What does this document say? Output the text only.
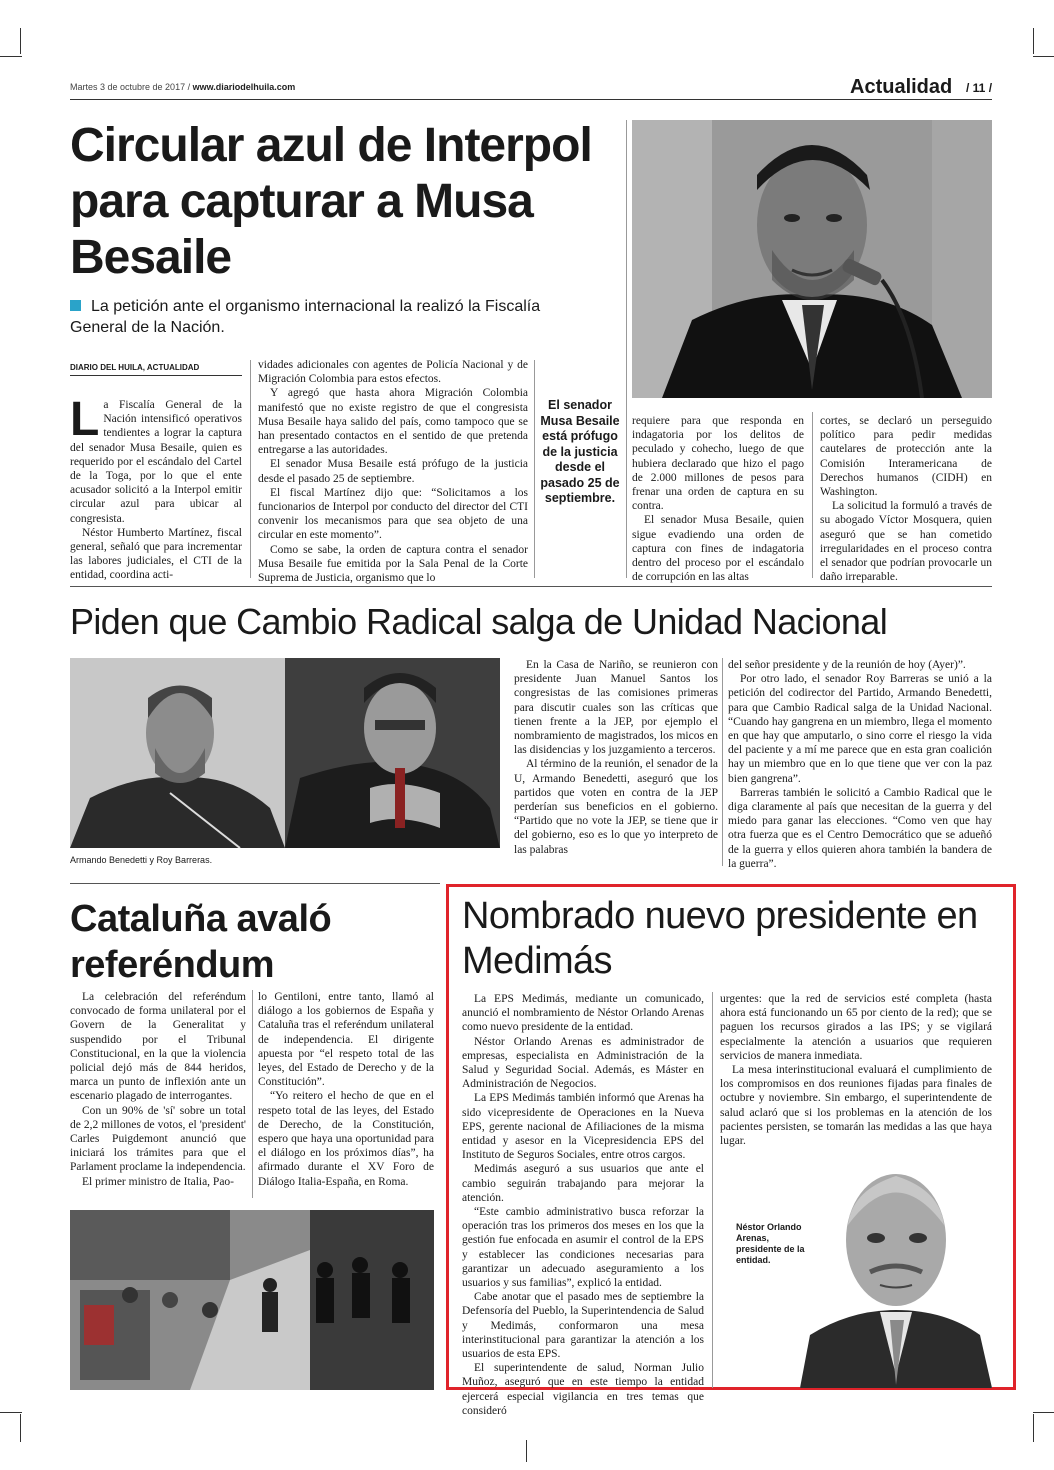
Martes 3 de octubre de 2017 / www.diariodelhuila.com	Actualidad / 11 /
Circular azul de Interpol para capturar a Musa Besaile
La petición ante el organismo internacional la realizó la Fiscalía General de la Nación.
DIARIO DEL HUILA, ACTUALIDAD

La Fiscalía General de la Nación intensificó operativos tendientes a lograr la captura del senador Musa Besaile, quien es requerido por el escándalo del Cartel de la Toga, por lo que el ente acusador solicitó a la Interpol emitir circular azul para ubicar al congresista.

Néstor Humberto Martínez, fiscal general, señaló que para incrementar las labores judiciales, el CTI de la entidad, coordina acti-

vidades adicionales con agentes de Policía Nacional y de Migración Colombia para estos efectos.

Y agregó que hasta ahora Migración Colombia manifestó que no existe registro de que el congresista Musa Besaile haya salido del país, como tampoco que se han presentado contactos en el sentido de que pretenda entregarse a las autoridades.

El senador Musa Besaile está prófugo de la justicia desde el pasado 25 de septiembre.

El fiscal Martínez dijo que: “Solicitamos a los funcionarios de Interpol por conducto del director del CTI convenir los mecanismos para que sea objeto de una circular en este momento”.

Como se sabe, la orden de captura contra el senador Musa Besaile fue emitida por la Sala Penal de la Corte Suprema de Justicia, organismo que lo

El senador Musa Besaile está prófugo de la justicia desde el pasado 25 de septiembre.

requiere para que responda en indagatoria por los delitos de peculado y cohecho, luego de que hubiera declarado que hizo el pago de 2.000 millones de pesos para frenar una orden de captura en su contra.

El senador Musa Besaile, quien sigue evadiendo una orden de captura con fines de indagatoria dentro del proceso por el escándalo de corrupción en las altas

cortes, se declaró un perseguido político para pedir medidas cautelares de protección ante la Comisión Interamericana de Derechos humanos (CIDH) en Washington.

La solicitud la formuló a través de su abogado Víctor Mosquera, quien aseguró que se han cometido irregularidades en el proceso contra el senador que podrían provocarle un daño irreparable.

Piden que Cambio Radical salga de Unidad Nacional
Armando Benedetti y Roy Barreras.

En la Casa de Nariño, se reunieron con presidente Juan Manuel Santos los congresistas de las comisiones primeras para discutir cuales son las críticas que tienen frente a la JEP, por ejemplo el nombramiento de magistrados, los micos en las disidencias y los juzgamiento a terceros.

Al término de la reunión, el senador de la U, Armando Benedetti, aseguró que los partidos que voten en contra de la JEP perderían sus beneficios en el gobierno. “Partido que no vote la JEP, se tiene que ir del gobierno, eso es lo que yo interpreto de las palabras

del señor presidente y de la reunión de hoy (Ayer)”.

Por otro lado, el senador Roy Barreras se unió a la petición del codirector del Partido, Armando Benedetti, para que Cambio Radical salga de la Unidad Nacional. “Cuando hay gangrena en un miembro, llega el momento en que hay que amputarlo, o sino corre el riesgo la vida del paciente y a mí me parece que en esta gran coalición hay un miembro que en lo que tiene que ver con la paz bien gangrena”.

Barreras también le solicitó a Cambio Radical que le diga claramente al país que necesitan de la guerra y del miedo para ganar las elecciones. “Como ven que hay otra fuerza que es el Centro Democrático que se adueñó de la guerra y ellos quieren ahora también la bandera de la guerra”.

Cataluña avaló referéndum

La celebración del referéndum convocado de forma unilateral por el Govern de la Generalitat y suspendido por el Tribunal Constitucional, en la que la violencia policial dejó más de 844 heridos, marca un punto de inflexión ante un escenario plagado de interrogantes.

Con un 90% de 'sí' sobre un total de 2,2 millones de votos, el 'president' Carles Puigdemont anunció que iniciará los trámites para que el Parlament proclame la independencia.

El primer ministro de Italia, Pao-

lo Gentiloni, entre tanto, llamó al diálogo a los gobiernos de España y Cataluña tras el referéndum unilateral de independencia. El dirigente apuesta por “el respeto total de las leyes, del Estado de Derecho y de la Constitución”.

“Yo reitero el hecho de que en el respeto total de las leyes, del Estado de Derecho, de la Constitución, espero que haya una oportunidad para el diálogo en los próximos días”, ha afirmado durante el XV Foro de Diálogo Italia-España, en Roma.

Nombrado nuevo presidente en Medimás

La EPS Medimás, mediante un comunicado, anunció el nombramiento de Néstor Orlando Arenas como nuevo presidente de la entidad.

Néstor Orlando Arenas es administrador de empresas, especialista en Administración de la Salud y Seguridad Social. Además, es Máster en Administración de Negocios.

La EPS Medimás también informó que Arenas ha sido vicepresidente de Operaciones en la Nueva EPS, gerente nacional de Afiliaciones de la misma entidad y asesor en la Vicepresidencia EPS del Instituto de Seguros Sociales, entre otros cargos.

Medimás aseguró a sus usuarios que ante el cambio seguirán trabajando para mejorar la atención.

“Este cambio administrativo busca reforzar la operación tras los primeros dos meses en los que la gestión fue enfocada en asumir el control de la EPS y establecer las condiciones necesarias para garantizar un adecuado aseguramiento a los usuarios y sus familias”, explicó la entidad.

Cabe anotar que el pasado mes de septiembre la Defensoría del Pueblo, la Superintendencia de Salud y Medimás, conformaron una mesa interinstitucional para garantizar la atención a los usuarios de esta EPS.

El superintendente de salud, Norman Julio Muñoz, aseguró que en este tiempo la entidad ejercerá especial vigilancia en tres temas que consideró

urgentes: que la red de servicios esté completa (hasta ahora está funcionando un 65 por ciento de la red); que se paguen los recursos girados a las IPS; y se vigilará especialmente la atención a usuarios que requieren servicios de manera inmediata.

La mesa interinstitucional evaluará el cumplimiento de los compromisos en dos reuniones fijadas para finales de octubre y noviembre. Sin embargo, el superintendente de salud aclaró que si los problemas en la atención de los pacientes persisten, se tomarán las medidas a las que haya lugar.

Néstor Orlando Arenas, presidente de la entidad.
